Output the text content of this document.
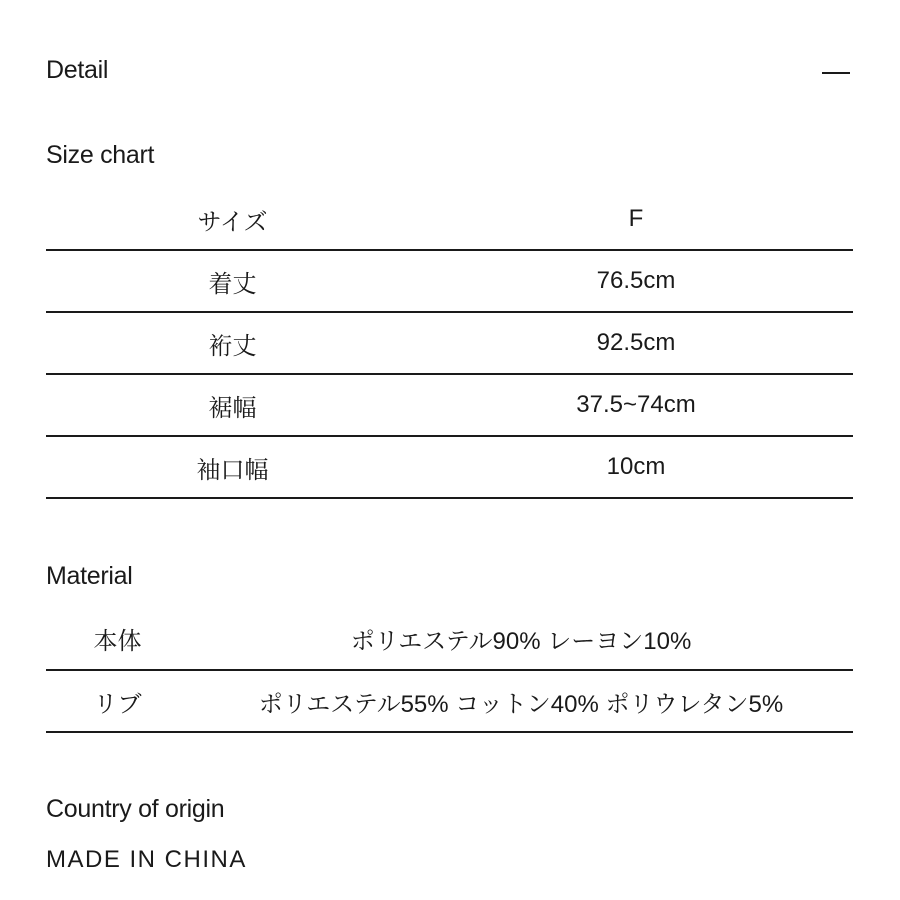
Detail
Size chart
サイズ	F
着丈	76.5cm
裄丈	92.5cm
裾幅	37.5~74cm
袖口幅	10cm
Material
本体	ポリエステル90% レーヨン10%
リブ	ポリエステル55% コットン40% ポリウレタン5%
Country of origin
MADE IN CHINA
